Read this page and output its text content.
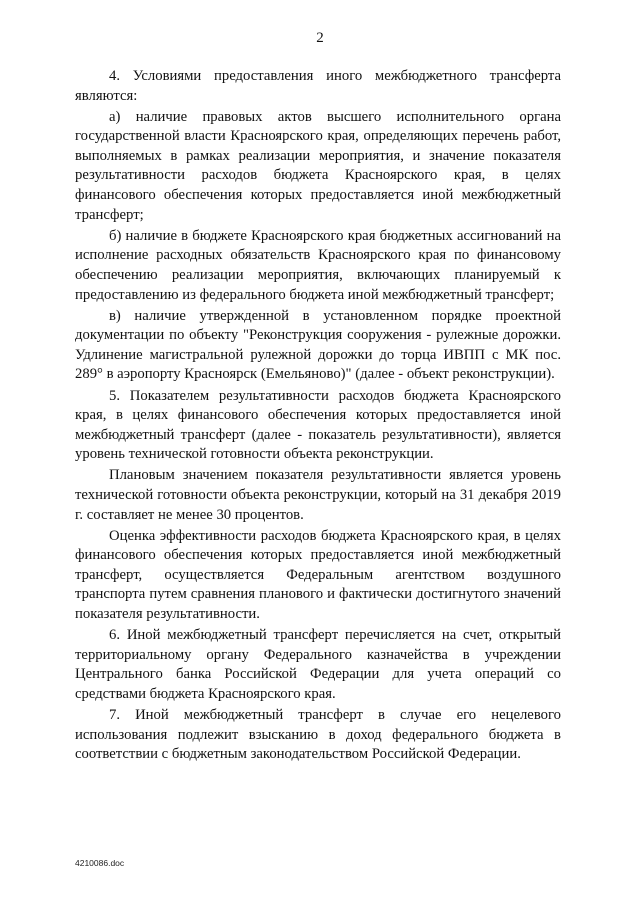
2

4. Условиями предоставления иного межбюджетного трансферта являются:

а) наличие правовых актов высшего исполнительного органа государственной власти Красноярского края, определяющих перечень работ, выполняемых в рамках реализации мероприятия, и значение показателя результативности расходов бюджета Красноярского края, в целях финансового обеспечения которых предоставляется иной межбюджетный трансферт;

б) наличие в бюджете Красноярского края бюджетных ассигнований на исполнение расходных обязательств Красноярского края по финансовому обеспечению реализации мероприятия, включающих планируемый к предоставлению из федерального бюджета иной межбюджетный трансферт;

в) наличие утвержденной в установленном порядке проектной документации по объекту "Реконструкция сооружения - рулежные дорожки. Удлинение магистральной рулежной дорожки до торца ИВПП с МК пос. 289° в аэропорту Красноярск (Емельяново)" (далее - объект реконструкции).

5. Показателем результативности расходов бюджета Красноярского края, в целях финансового обеспечения которых предоставляется иной межбюджетный трансферт (далее - показатель результативности), является уровень технической готовности объекта реконструкции.

Плановым значением показателя результативности является уровень технической готовности объекта реконструкции, который на 31 декабря 2019 г. составляет не менее 30 процентов.

Оценка эффективности расходов бюджета Красноярского края, в целях финансового обеспечения которых предоставляется иной межбюджетный трансферт, осуществляется Федеральным агентством воздушного транспорта путем сравнения планового и фактически достигнутого значений показателя результативности.

6. Иной межбюджетный трансферт перечисляется на счет, открытый территориальному органу Федерального казначейства в учреждении Центрального банка Российской Федерации для учета операций со средствами бюджета Красноярского края.

7. Иной межбюджетный трансферт в случае его нецелевого использования подлежит взысканию в доход федерального бюджета в соответствии с бюджетным законодательством Российской Федерации.

4210086.doc
